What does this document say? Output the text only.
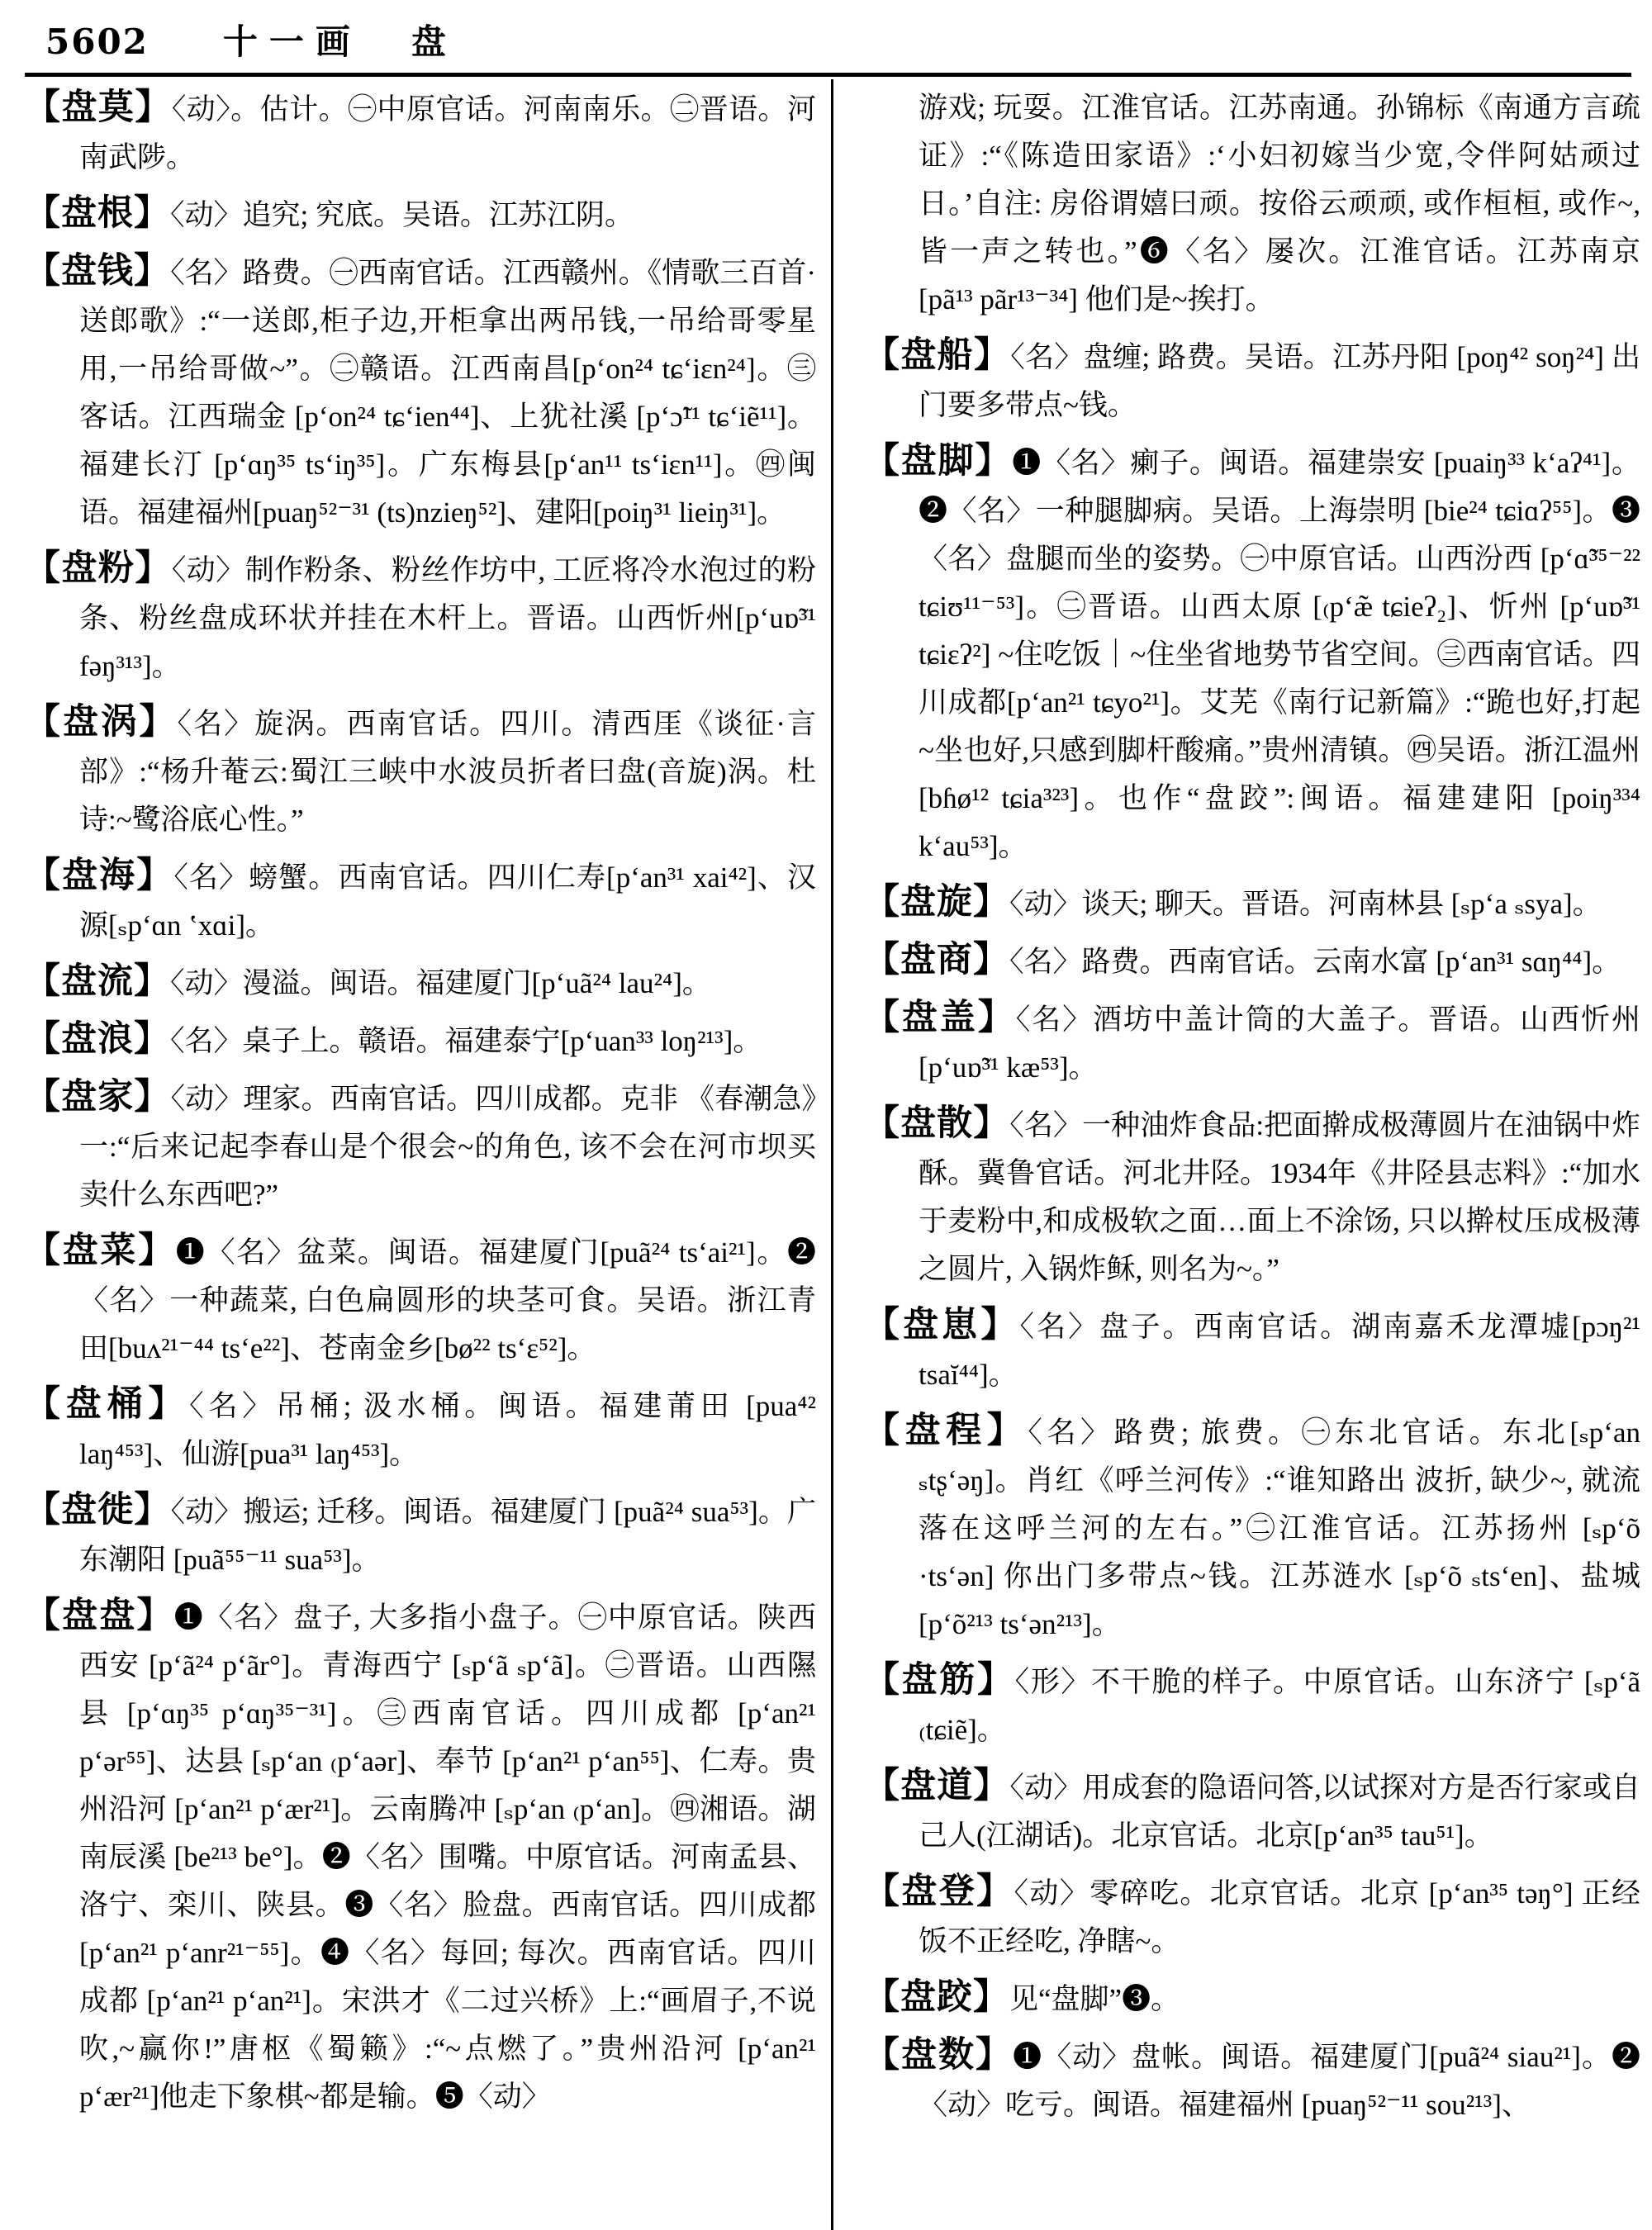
5602 十一画 盘
【盘莫】〈动〉。估计。㊀中原官话。河南南乐。㊁晋语。河南武陟。
【盘根】〈动〉追究; 究底。吴语。江苏江阴。
【盘钱】〈名〉路费。㊀西南官话。江西赣州。《情歌三百首·送郎歌》:“一送郎,柜子边,开柜拿出两吊钱,一吊给哥零星用,一吊给哥做~”。㊁赣语。江西南昌[pʻon²⁴ tɕʻiɛn²⁴]。㊂客话。江西瑞金 [pʻon²⁴ tɕʻien⁴⁴]、上犹社溪 [pʻɔ̃¹¹ tɕʻiẽ¹¹]。福建长汀 [pʻɑŋ³⁵ tsʻiŋ³⁵]。广东梅县[pʻan¹¹ tsʻiɛn¹¹]。㊃闽语。福建福州[puaŋ⁵²⁻³¹ (ts)nzieŋ⁵²]、建阳[poiŋ³¹ lieiŋ³¹]。
【盘粉】〈动〉制作粉条、粉丝作坊中, 工匠将冷水泡过的粉条、粉丝盘成环状并挂在木杆上。晋语。山西忻州[pʻuɒ̃³¹ fəŋ³¹³]。
【盘涡】〈名〉旋涡。西南官话。四川。清西厓《谈征·言部》:“杨升菴云:蜀江三峡中水波员折者曰盘(音旋)涡。杜诗:~鹭浴底心性。”
【盘海】〈名〉螃蟹。西南官话。四川仁寿[pʻan³¹ xai⁴²]、汉源[ₛpʻɑn ʽxɑi]。
【盘流】〈动〉漫溢。闽语。福建厦门[pʻuã²⁴ lau²⁴]。
【盘浪】〈名〉桌子上。赣语。福建泰宁[pʻuan³³ loŋ²¹³]。
【盘家】〈动〉理家。西南官话。四川成都。克非 《春潮急》一:“后来记起李春山是个很会~的角色, 该不会在河市坝买卖什么东西吧?”
【盘菜】❶〈名〉盆菜。闽语。福建厦门[puã²⁴ tsʻai²¹]。❷〈名〉一种蔬菜, 白色扁圆形的块茎可食。吴语。浙江青田[buʌ²¹⁻⁴⁴ tsʻe²²]、苍南金乡[bø²² tsʻɛ⁵²]。
【盘桶】〈名〉吊桶; 汲水桶。闽语。福建莆田 [pua⁴² laŋ⁴⁵³]、仙游[pua³¹ laŋ⁴⁵³]。
【盘徙】〈动〉搬运; 迁移。闽语。福建厦门 [puã²⁴ sua⁵³]。广东潮阳 [puã⁵⁵⁻¹¹ sua⁵³]。
【盘盘】❶〈名〉盘子, 大多指小盘子。㊀中原官话。陕西西安 [pʻã²⁴ pʻãr°]。青海西宁 [ₛpʻã ₛpʻã]。㊁晋语。山西隰县 [pʻɑŋ³⁵ pʻɑŋ³⁵⁻³¹]。㊂西南官话。四川成都 [pʻan²¹ pʻər⁵⁵]、达县 [ₛpʻan ₍pʻaər]、奉节 [pʻan²¹ pʻan⁵⁵]、仁寿。贵州沿河 [pʻan²¹ pʻær²¹]。云南腾冲 [ₛpʻan ₍pʻan]。㊃湘语。湖南辰溪 [be²¹³ be°]。❷〈名〉围嘴。中原官话。河南孟县、洛宁、栾川、陕县。❸〈名〉脸盘。西南官话。四川成都 [pʻan²¹ pʻanr²¹⁻⁵⁵]。❹〈名〉每回; 每次。西南官话。四川成都 [pʻan²¹ pʻan²¹]。宋洪才《二过兴桥》上:“画眉子,不说吹,~赢你!”唐枢《蜀籁》:“~点燃了。”贵州沿河 [pʻan²¹ pʻær²¹]他走下象棋~都是输。❺〈动〉
游戏; 玩耍。江淮官话。江苏南通。孙锦标《南通方言疏证》:“《陈造田家语》:‘小妇初嫁当少宽,令伴阿姑顽过日。’自注: 房俗谓嬉曰顽。按俗云顽顽, 或作桓桓, 或作~, 皆一声之转也。”❻〈名〉屡次。江淮官话。江苏南京 [pã¹³ pãr¹³⁻³⁴] 他们是~挨打。
【盘船】〈名〉盘缠; 路费。吴语。江苏丹阳 [poŋ⁴² soŋ²⁴] 出门要多带点~钱。
【盘脚】❶〈名〉瘌子。闽语。福建崇安 [puaiŋ³³ kʻaʔ⁴¹]。❷〈名〉一种腿脚病。吴语。上海崇明 [bie²⁴ tɕiɑʔ⁵⁵]。❸〈名〉盘腿而坐的姿势。㊀中原官话。山西汾西 [pʻɑ̃³⁵⁻²² tɕiʊ¹¹⁻⁵³]。㊁晋语。山西太原 [₍pʻæ̃ tɕieʔ₂]、忻州 [pʻuɒ̃³¹ tɕiɛʔ²] ~住吃饭｜~住坐省地势节省空间。㊂西南官话。四川成都[pʻan²¹ tɕyo²¹]。艾芜《南行记新篇》:“跪也好,打起~坐也好,只感到脚杆酸痛。”贵州清镇。㊃吴语。浙江温州[bɦø¹² tɕia³²³]。也作“盘跤”:闽语。福建建阳 [poiŋ³³⁴ kʻau⁵³]。
【盘旋】〈动〉谈天; 聊天。晋语。河南林县 [ₛpʻa ₛsya]。
【盘商】〈名〉路费。西南官话。云南水富 [pʻan³¹ sɑŋ⁴⁴]。
【盘盖】〈名〉酒坊中盖计筒的大盖子。晋语。山西忻州 [pʻuɒ̃³¹ kæ⁵³]。
【盘散】〈名〉一种油炸食品:把面擀成极薄圆片在油锅中炸酥。冀鲁官话。河北井陉。1934年《井陉县志料》:“加水于麦粉中,和成极软之面…面上不涂饧, 只以擀杖压成极薄之圆片, 入锅炸稣, 则名为~。”
【盘崽】〈名〉盘子。西南官话。湖南嘉禾龙潭墟[pɔŋ²¹ tsaĭ⁴⁴]。
【盘程】〈名〉路费; 旅费。㊀东北官话。东北[ₛpʻan ₛtʂʻəŋ]。肖红《呼兰河传》:“谁知路出 波折, 缺少~, 就流落在这呼兰河的左右。”㊁江淮官话。江苏扬州 [ₛpʻõ ·tsʻən] 你出门多带点~钱。江苏涟水 [ₛpʻõ ₛtsʻen]、盐城 [pʻõ²¹³ tsʻən²¹³]。
【盘筋】〈形〉不干脆的样子。中原官话。山东济宁 [ₛpʻã ₍tɕiẽ]。
【盘道】〈动〉用成套的隐语问答,以试探对方是否行家或自己人(江湖话)。北京官话。北京[pʻan³⁵ tau⁵¹]。
【盘登】〈动〉零碎吃。北京官话。北京 [pʻan³⁵ təŋ°] 正经饭不正经吃, 净瞎~。
【盘跤】见“盘脚”❸。
【盘数】❶〈动〉盘帐。闽语。福建厦门[puã²⁴ siau²¹]。❷〈动〉吃亏。闽语。福建福州 [puaŋ⁵²⁻¹¹ sou²¹³]、
